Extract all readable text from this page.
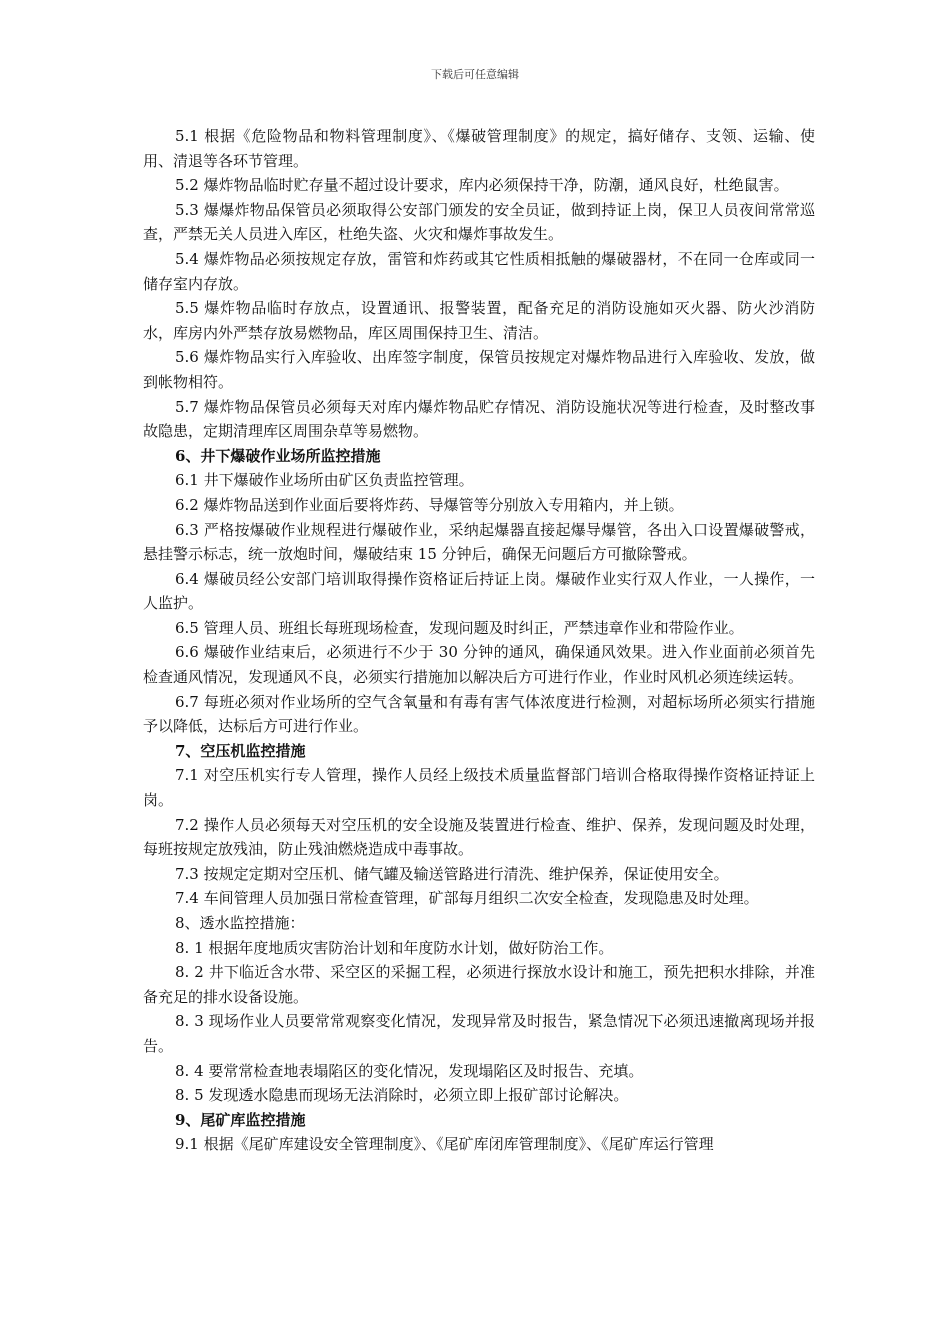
下载后可任意编辑

5.1 根据《危险物品和物料管理制度》、《爆破管理制度》的规定，搞好储存、支领、运输、使用、清退等各环节管理。

5.2 爆炸物品临时贮存量不超过设计要求，库内必须保持干净，防潮，通风良好，杜绝鼠害。

5.3 爆爆炸物品保管员必须取得公安部门颁发的安全员证，做到持证上岗，保卫人员夜间常常巡查，严禁无关人员进入库区，杜绝失盗、火灾和爆炸事故发生。

5.4 爆炸物品必须按规定存放，雷管和炸药或其它性质相抵触的爆破器材，不在同一仓库或同一储存室内存放。

5.5 爆炸物品临时存放点，设置通讯、报警装置，配备充足的消防设施如灭火器、防火沙消防水，库房内外严禁存放易燃物品，库区周围保持卫生、清洁。

5.6 爆炸物品实行入库验收、出库签字制度，保管员按规定对爆炸物品进行入库验收、发放，做到帐物相符。

5.7 爆炸物品保管员必须每天对库内爆炸物品贮存情况、消防设施状况等进行检查，及时整改事故隐患，定期清理库区周围杂草等易燃物。

6、井下爆破作业场所监控措施

6.1 井下爆破作业场所由矿区负责监控管理。

6.2 爆炸物品送到作业面后要将炸药、导爆管等分别放入专用箱内，并上锁。

6.3 严格按爆破作业规程进行爆破作业，采纳起爆器直接起爆导爆管，各出入口设置爆破警戒，悬挂警示标志，统一放炮时间，爆破结束 15 分钟后，确保无问题后方可撤除警戒。

6.4 爆破员经公安部门培训取得操作资格证后持证上岗。爆破作业实行双人作业，一人操作，一人监护。

6.5 管理人员、班组长每班现场检查，发现问题及时纠正，严禁违章作业和带险作业。

6.6 爆破作业结束后，必须进行不少于 30 分钟的通风，确保通风效果。进入作业面前必须首先检查通风情况，发现通风不良，必须实行措施加以解决后方可进行作业，作业时风机必须连续运转。

6.7 每班必须对作业场所的空气含氧量和有毒有害气体浓度进行检测，对超标场所必须实行措施予以降低，达标后方可进行作业。

7、空压机监控措施

7.1 对空压机实行专人管理，操作人员经上级技术质量监督部门培训合格取得操作资格证持证上岗。

7.2 操作人员必须每天对空压机的安全设施及装置进行检查、维护、保养，发现问题及时处理，每班按规定放残油，防止残油燃烧造成中毒事故。

7.3 按规定定期对空压机、储气罐及输送管路进行清洗、维护保养，保证使用安全。

7.4 车间管理人员加强日常检查管理，矿部每月组织二次安全检查，发现隐患及时处理。

8、透水监控措施：

8. 1 根据年度地质灾害防治计划和年度防水计划，做好防治工作。

8. 2 井下临近含水带、采空区的采掘工程，必须进行探放水设计和施工，预先把积水排除，并准备充足的排水设备设施。

8. 3 现场作业人员要常常观察变化情况，发现异常及时报告，紧急情况下必须迅速撤离现场并报告。

8. 4 要常常检查地表塌陷区的变化情况，发现塌陷区及时报告、充填。

8. 5 发现透水隐患而现场无法消除时，必须立即上报矿部讨论解决。

9、尾矿库监控措施

9.1 根据《尾矿库建设安全管理制度》、《尾矿库闭库管理制度》、《尾矿库运行管理
